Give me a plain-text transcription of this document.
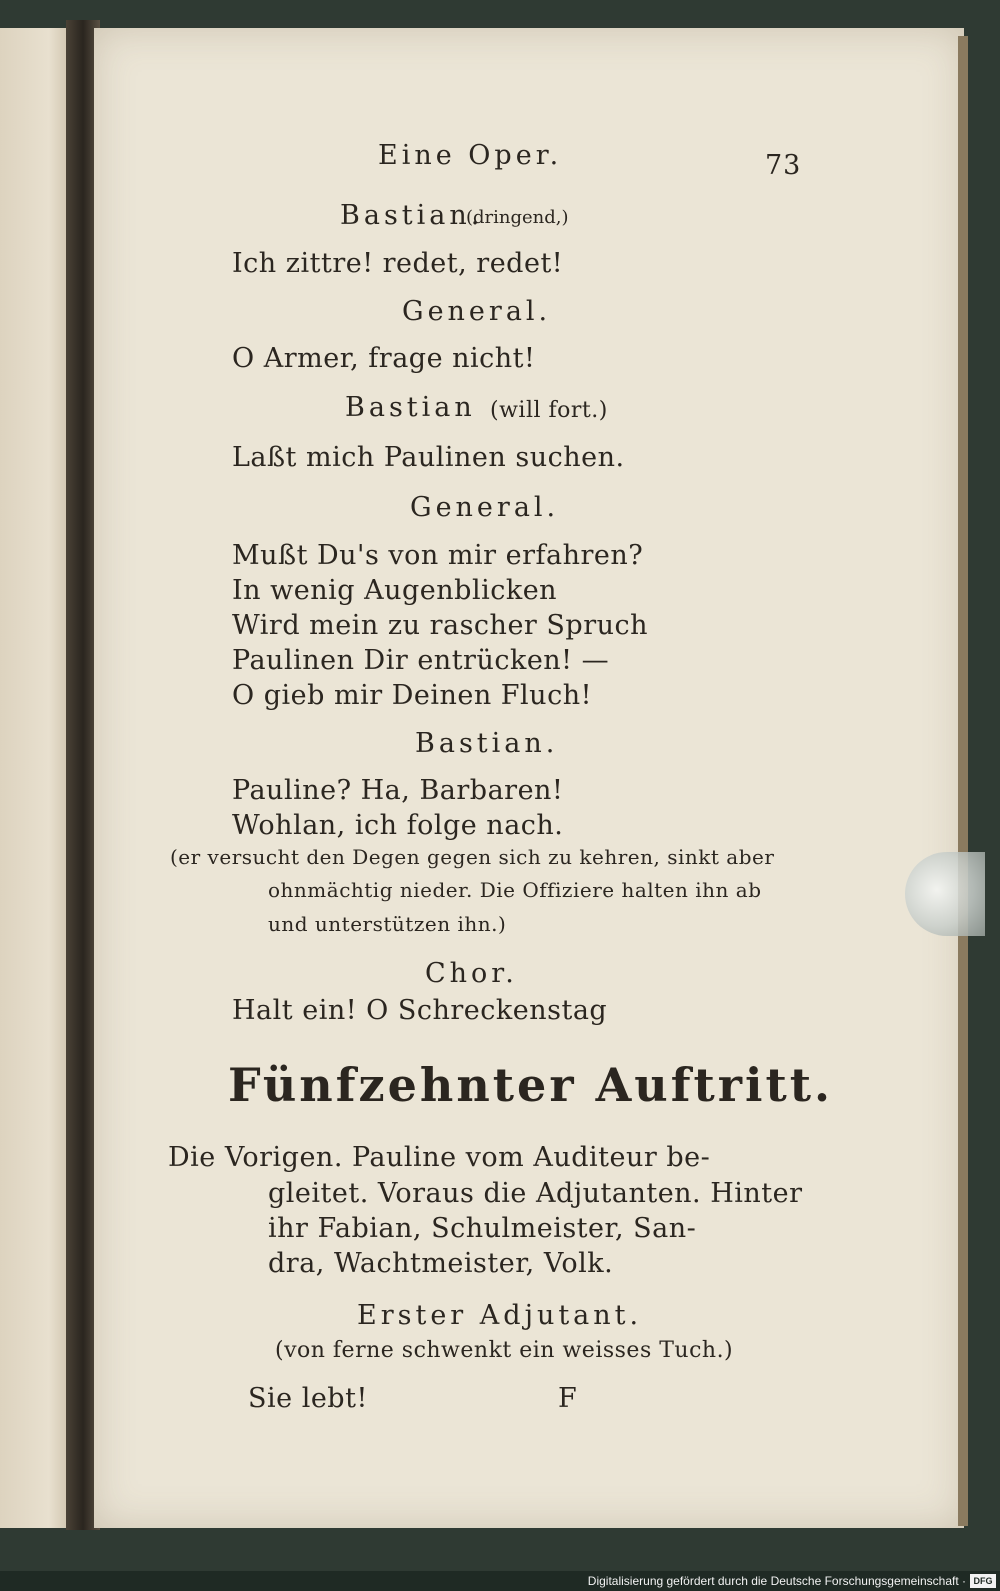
Eine Oper.	73
Bastian.
(dringend,)
Ich zittre! redet, redet!
General.
O Armer, frage nicht!
Bastian (will fort.)
Laßt mich Paulinen suchen.
General.
Mußt Du's von mir erfahren?
In wenig Augenblicken
Wird mein zu rascher Spruch
Paulinen Dir entrücken! —
O gieb mir Deinen Fluch!
Bastian.
Pauline? Ha, Barbaren!
Wohlan, ich folge nach.
(er versucht den Degen gegen sich zu kehren, sinkt aber
ohnmächtig nieder. Die Offiziere halten ihn ab
und unterstützen ihn.)
Chor.
Halt ein! O Schreckenstag
Fünfzehnter Auftritt.
Die Vorigen. Pauline vom Auditeur be-
gleitet. Voraus die Adjutanten. Hinter
ihr Fabian, Schulmeister, San-
dra, Wachtmeister, Volk.
Erster Adjutant.
(von ferne schwenkt ein weisses Tuch.)
Sie lebt!	F
Digitalisierung gefördert durch die Deutsche Forschungsgemeinschaft · DFG
